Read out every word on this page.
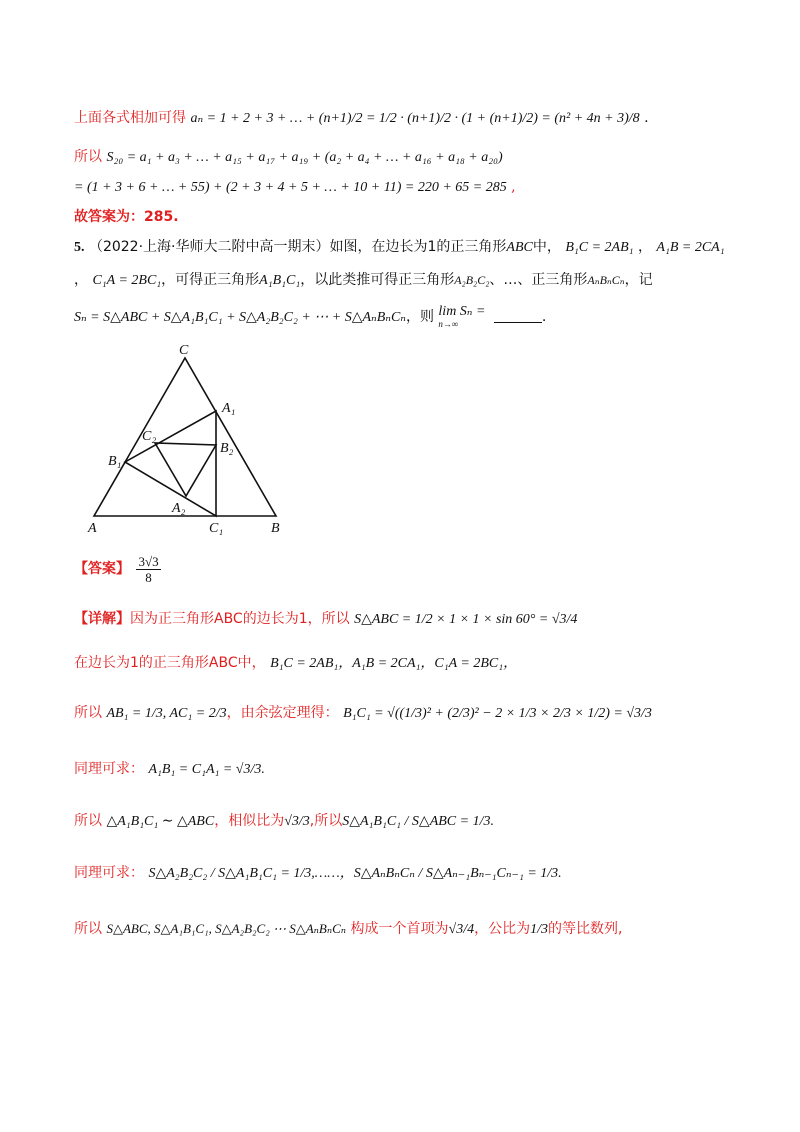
上面各式相加可得 aₙ = 1 + 2 + 3 + … + (n+1)/2 = 1/2 · (n+1)/2 · (1 + (n+1)/2) = (n² + 4n + 3)/8 .
所以 S₂₀ = a₁ + a₃ + … + a₁₅ + a₁₇ + a₁₉ + (a₂ + a₄ + … + a₁₆ + a₁₈ + a₂₀)
= (1 + 3 + 6 + … + 55) + (2 + 3 + 4 + 5 + … + 10 + 11) = 220 + 65 = 285 ,
故答案为：285.
5. （2022·上海·华师大二附中高一期末）如图，在边长为1的正三角形ABC中， B₁C = 2AB₁ ， A₁B = 2CA₁
， C₁A = 2BC₁，可得正三角形A₁B₁C₁，以此类推可得正三角形A₂B₂C₂、…、正三角形AₙBₙCₙ，记
Sₙ = S△ABC + S△A₁B₁C₁ + S△A₂B₂C₂ + ⋯ + S△AₙBₙCₙ，则 lim Sₙ =
n→∞	.
C
A₁
C₂
B₂
B₁
A₂
A	C₁	B
【答案】 $\frac{3√3}{8}$
【详解】因为正三角形ABC的边长为1，所以 S△ABC = 1/2 × 1 × 1 × sin 60° = √3/4
在边长为1的正三角形ABC中， B₁C = 2AB₁，A₁B = 2CA₁，C₁A = 2BC₁，
所以 AB₁ = 1/3, AC₁ = 2/3，由余弦定理得： B₁C₁ = √((1/3)² + (2/3)² − 2 × 1/3 × 2/3 × 1/2) = √3/3
同理可求： A₁B₁ = C₁A₁ = √3/3.
所以 △A₁B₁C₁ ∼ △ABC，相似比为√3/3,所以S△A₁B₁C₁ / S△ABC = 1/3.
同理可求： S△A₂B₂C₂ / S△A₁B₁C₁ = 1/3,……，S△AₙBₙCₙ / S△Aₙ₋₁Bₙ₋₁Cₙ₋₁ = 1/3.
所以 S△ABC, S△A₁B₁C₁, S△A₂B₂C₂ ⋯ S△AₙBₙCₙ 构成一个首项为√3/4，公比为1/3的等比数列,
